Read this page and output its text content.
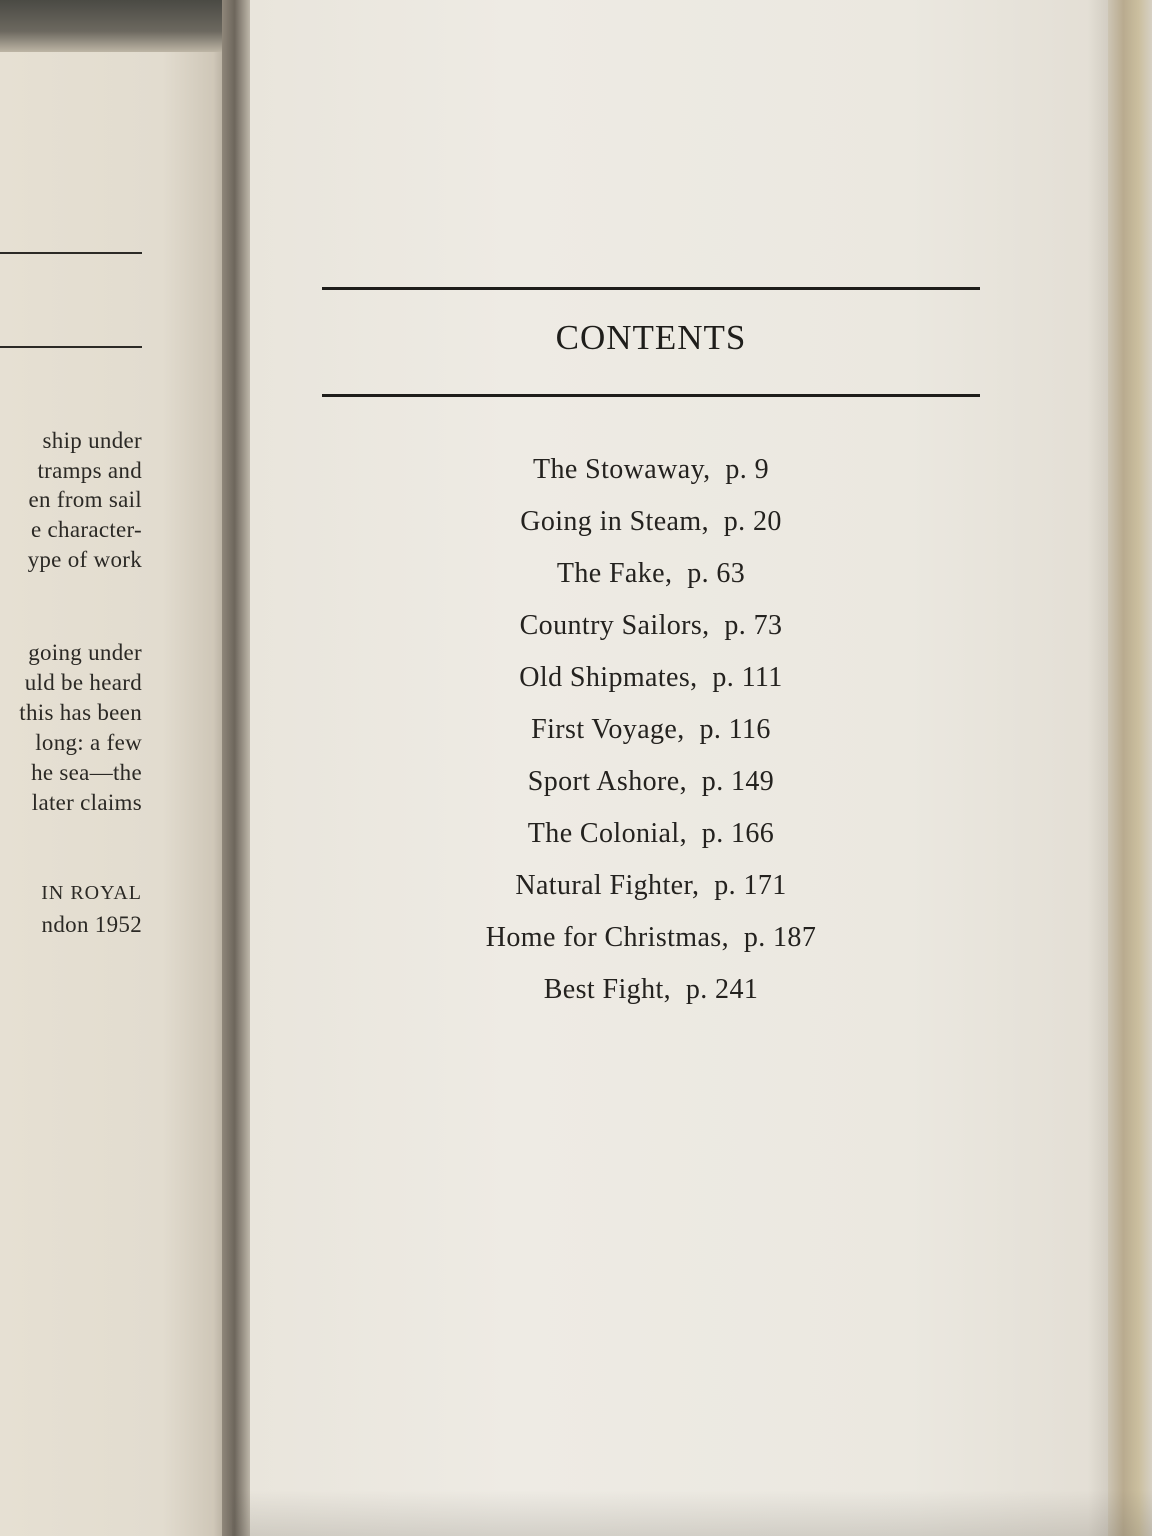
ship under
tramps and
en from sail
e character-
ype of work
going under
uld be heard
this has been
long: a few
he sea—the
later claims
IN ROYAL
ndon 1952
CONTENTS
The Stowaway, p. 9
Going in Steam, p. 20
The Fake, p. 63
Country Sailors, p. 73
Old Shipmates, p. 111
First Voyage, p. 116
Sport Ashore, p. 149
The Colonial, p. 166
Natural Fighter, p. 171
Home for Christmas, p. 187
Best Fight, p. 241
